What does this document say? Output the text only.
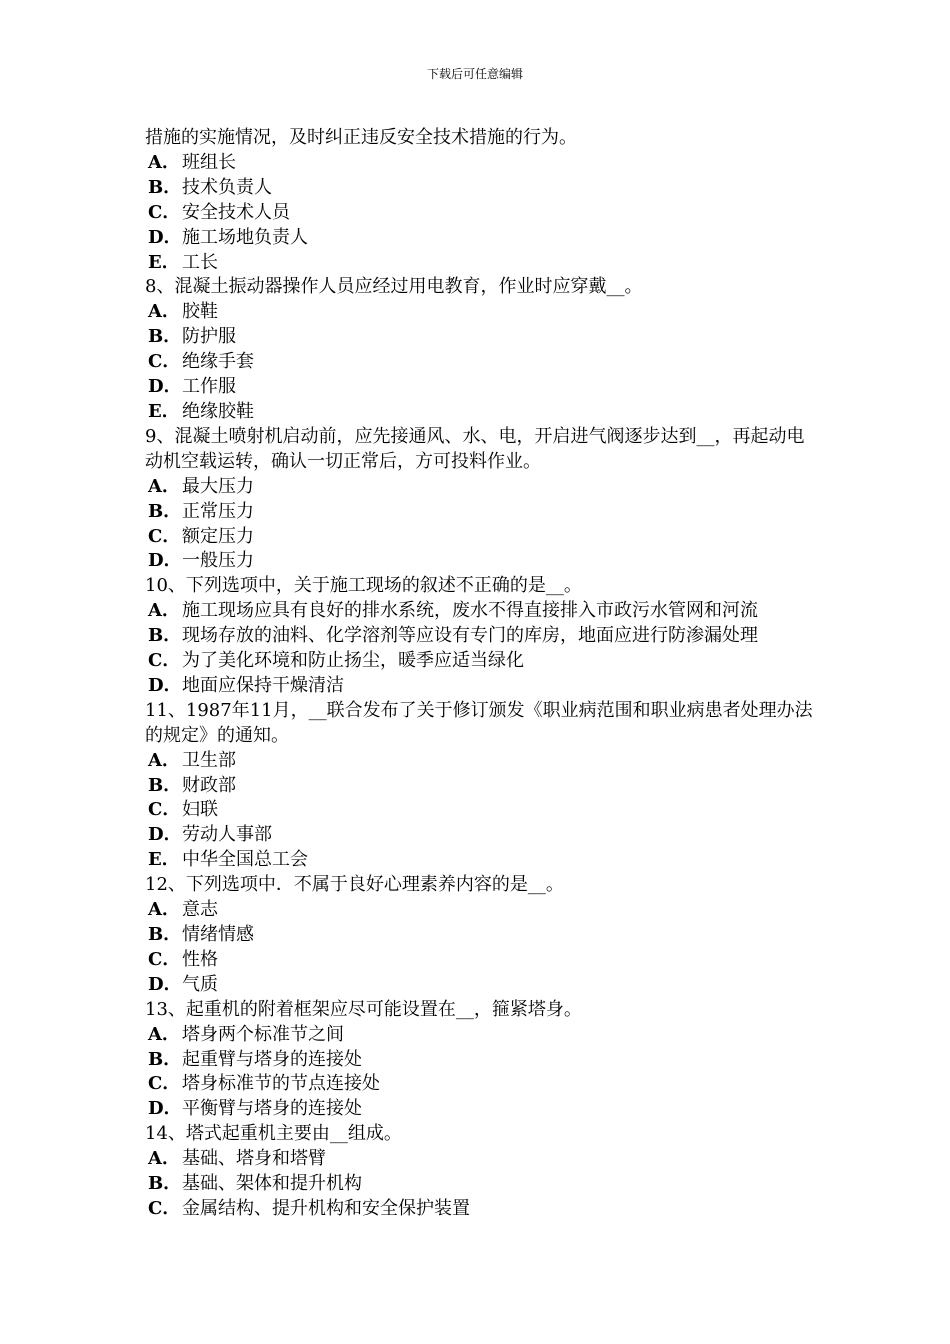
下载后可任意编辑

措施的实施情况，及时纠正违反安全技术措施的行为。

A． 班组长

B．技术负责人

C．安全技术人员

D．施工场地负责人

E． 工长

8、混凝土振动器操作人员应经过用电教育，作业时应穿戴__。

A． 胶鞋

B．防护服

C．绝缘手套

D．工作服

E． 绝缘胶鞋

9、混凝土喷射机启动前，应先接通风、水、电，开启进气阀逐步达到__，再起动电动机空载运转，确认一切正常后，方可投料作业。

A． 最大压力

B．正常压力

C．额定压力

D．一般压力

10、下列选项中，关于施工现场的叙述不正确的是__。

A． 施工现场应具有良好的排水系统，废水不得直接排入市政污水管网和河流

B．现场存放的油料、化学溶剂等应设有专门的库房，地面应进行防渗漏处理

C．为了美化环境和防止扬尘，暖季应适当绿化

D．地面应保持干燥清洁

11、1987年11月，__联合发布了关于修订颁发《职业病范围和职业病患者处理办法的规定》的通知。

A． 卫生部

B．财政部

C．妇联

D．劳动人事部

E． 中华全国总工会

12、下列选项中．不属于良好心理素养内容的是__。

A． 意志

B．情绪情感

C．性格

D．气质

13、起重机的附着框架应尽可能设置在__，箍紧塔身。

A． 塔身两个标准节之间

B．起重臂与塔身的连接处

C．塔身标准节的节点连接处

D．平衡臂与塔身的连接处

14、塔式起重机主要由__组成。

A． 基础、塔身和塔臂

B．基础、架体和提升机构

C．金属结构、提升机构和安全保护装置
